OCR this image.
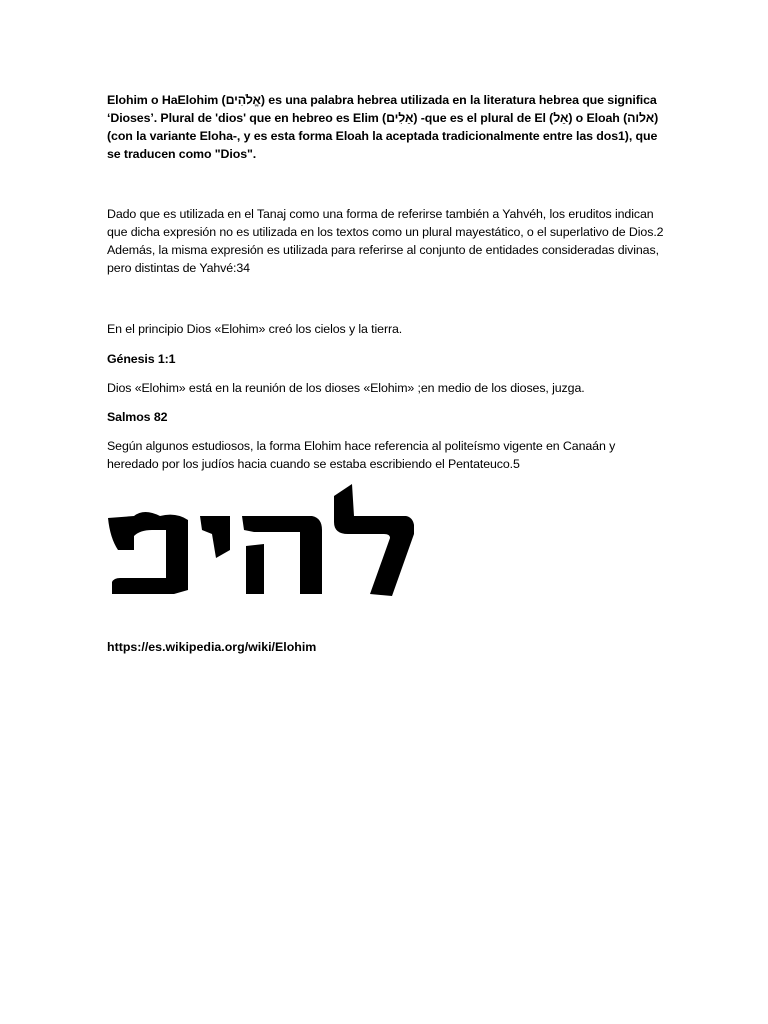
Elohim o HaElohim (אֱלֹהִים) es una palabra hebrea utilizada en la literatura hebrea que significa ‘Dioses’. Plural de 'dios' que en hebreo es Elim (אֵלִים) -que es el plural de El (אֵל) o Eloah (אלוה) (con la variante Eloha-, y es esta forma Eloah la aceptada tradicionalmente entre las dos1), que se traducen como "Dios".

Dado que es utilizada en el Tanaj como una forma de referirse también a Yahvéh, los eruditos indican que dicha expresión no es utilizada en los textos como un plural mayestático, o el superlativo de Dios.2 Además, la misma expresión es utilizada para referirse al conjunto de entidades consideradas divinas, pero distintas de Yahvé:34

En el principio Dios «Elohim» creó los cielos y la tierra.

Génesis 1:1

Dios «Elohim» está en la reunión de los dioses «Elohim» ;en medio de los dioses, juzga.

Salmos 82

Según algunos estudiosos, la forma Elohim hace referencia al politeísmo vigente en Canaán y heredado por los judíos hacia cuando se estaba escribiendo el Pentateuco.5

https://es.wikipedia.org/wiki/Elohim
